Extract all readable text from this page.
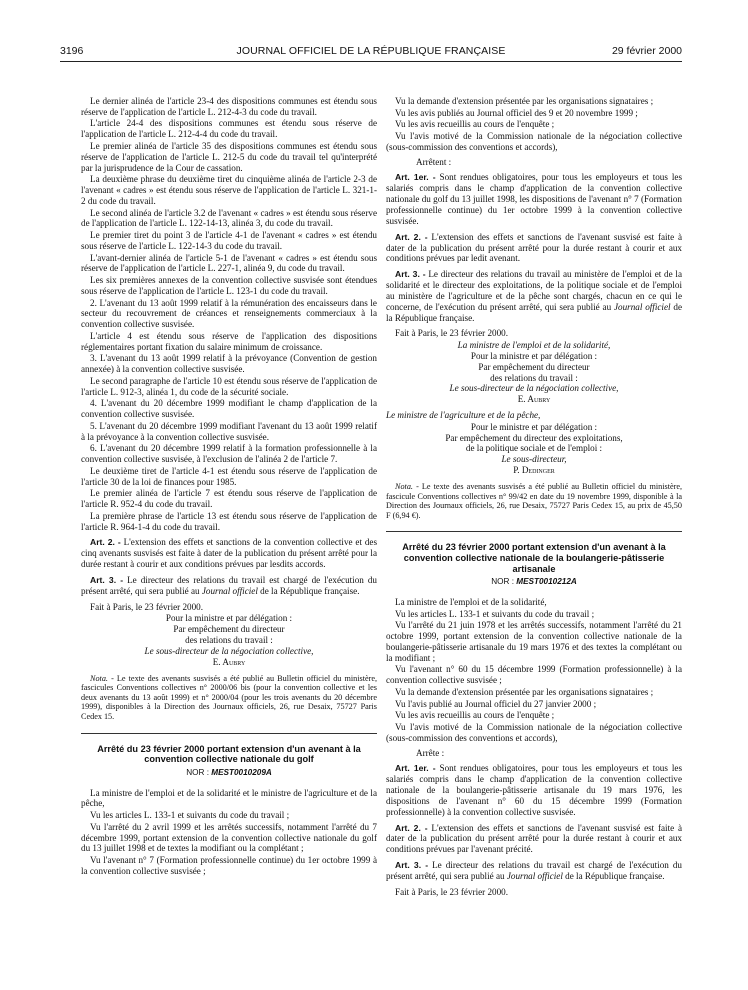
3196	JOURNAL OFFICIEL DE LA RÉPUBLIQUE FRANÇAISE	29 février 2000

Le dernier alinéa de l'article 23-4 des dispositions communes est étendu sous réserve de l'application de l'article L. 212-4-3 du code du travail.

L'article 24-4 des dispositions communes est étendu sous réserve de l'application de l'article L. 212-4-4 du code du travail.

Le premier alinéa de l'article 35 des dispositions communes est étendu sous réserve de l'application de l'article L. 212-5 du code du travail tel qu'interprété par la jurisprudence de la Cour de cassation.

La deuxième phrase du deuxième tiret du cinquième alinéa de l'article 2-3 de l'avenant « cadres » est étendu sous réserve de l'application de l'article L. 321-1-2 du code du travail.

Le second alinéa de l'article 3.2 de l'avenant « cadres » est étendu sous réserve de l'application de l'article L. 122-14-13, alinéa 3, du code du travail.

Le premier tiret du point 3 de l'article 4-1 de l'avenant « cadres » est étendu sous réserve de l'article L. 122-14-3 du code du travail.

L'avant-dernier alinéa de l'article 5-1 de l'avenant « cadres » est étendu sous réserve de l'application de l'article L. 227-1, alinéa 9, du code du travail.

Les six premières annexes de la convention collective susvisée sont étendues sous réserve de l'application de l'article L. 123-1 du code du travail.

2. L'avenant du 13 août 1999 relatif à la rémunération des encaisseurs dans le secteur du recouvrement de créances et renseignements commerciaux à la convention collective susvisée.

L'article 4 est étendu sous réserve de l'application des dispositions réglementaires portant fixation du salaire minimum de croissance.

3. L'avenant du 13 août 1999 relatif à la prévoyance (Convention de gestion annexée) à la convention collective susvisée.

Le second paragraphe de l'article 10 est étendu sous réserve de l'application de l'article L. 912-3, alinéa 1, du code de la sécurité sociale.

4. L'avenant du 20 décembre 1999 modifiant le champ d'application de la convention collective susvisée.

5. L'avenant du 20 décembre 1999 modifiant l'avenant du 13 août 1999 relatif à la prévoyance à la convention collective susvisée.

6. L'avenant du 20 décembre 1999 relatif à la formation professionnelle à la convention collective susvisée, à l'exclusion de l'alinéa 2 de l'article 7.

Le deuxième tiret de l'article 4-1 est étendu sous réserve de l'application de l'article 30 de la loi de finances pour 1985.

Le premier alinéa de l'article 7 est étendu sous réserve de l'application de l'article R. 952-4 du code du travail.

La première phrase de l'article 13 est étendu sous réserve de l'application de l'article R. 964-1-4 du code du travail.

Art. 2. - L'extension des effets et sanctions de la convention collective et des cinq avenants susvisés est faite à dater de la publication du présent arrêté pour la durée restant à courir et aux conditions prévues par lesdits accords.

Art. 3. - Le directeur des relations du travail est chargé de l'exécution du présent arrêté, qui sera publié au Journal officiel de la République française.

Fait à Paris, le 23 février 2000.

Pour la ministre et par délégation :

Par empêchement du directeur

des relations du travail :

Le sous-directeur de la négociation collective,

E. Aubry

Nota. - Le texte des avenants susvisés a été publié au Bulletin officiel du ministère, fascicules Conventions collectives n° 2000/06 bis (pour la convention collective et les deux avenants du 13 août 1999) et n° 2000/04 (pour les trois avenants du 20 décembre 1999), disponibles à la Direction des Journaux officiels, 26, rue Desaix, 75727 Paris Cedex 15.

Arrêté du 23 février 2000 portant extension d'un avenant à la convention collective nationale du golf

NOR : MEST0010209A

La ministre de l'emploi et de la solidarité et le ministre de l'agriculture et de la pêche,

Vu les articles L. 133-1 et suivants du code du travail ;

Vu l'arrêté du 2 avril 1999 et les arrêtés successifs, notamment l'arrêté du 7 décembre 1999, portant extension de la convention collective nationale du golf du 13 juillet 1998 et de textes la modifiant ou la complétant ;

Vu l'avenant n° 7 (Formation professionnelle continue) du 1er octobre 1999 à la convention collective susvisée ;

Vu la demande d'extension présentée par les organisations signataires ;

Vu les avis publiés au Journal officiel des 9 et 20 novembre 1999 ;

Vu les avis recueillis au cours de l'enquête ;

Vu l'avis motivé de la Commission nationale de la négociation collective (sous-commission des conventions et accords),

Arrêtent :

Art. 1er. - Sont rendues obligatoires, pour tous les employeurs et tous les salariés compris dans le champ d'application de la convention collective nationale du golf du 13 juillet 1998, les dispositions de l'avenant n° 7 (Formation professionnelle continue) du 1er octobre 1999 à la convention collective susvisée.

Art. 2. - L'extension des effets et sanctions de l'avenant susvisé est faite à dater de la publication du présent arrêté pour la durée restant à courir et aux conditions prévues par ledit avenant.

Art. 3. - Le directeur des relations du travail au ministère de l'emploi et de la solidarité et le directeur des exploitations, de la politique sociale et de l'emploi au ministère de l'agriculture et de la pêche sont chargés, chacun en ce qui le concerne, de l'exécution du présent arrêté, qui sera publié au Journal officiel de la République française.

Fait à Paris, le 23 février 2000.

La ministre de l'emploi et de la solidarité,

Pour la ministre et par délégation :

Par empêchement du directeur

des relations du travail :

Le sous-directeur de la négociation collective,

E. Aubry

Le ministre de l'agriculture et de la pêche,

Pour le ministre et par délégation :

Par empêchement du directeur des exploitations,

de la politique sociale et de l'emploi :

Le sous-directeur,

P. Dedinger

Nota. - Le texte des avenants susvisés a été publié au Bulletin officiel du ministère, fascicule Conventions collectives n° 99/42 en date du 19 novembre 1999, disponible à la Direction des Journaux officiels, 26, rue Desaix, 75727 Paris Cedex 15, au prix de 45,50 F (6,94 €).

Arrêté du 23 février 2000 portant extension d'un avenant à la convention collective nationale de la boulangerie-pâtisserie artisanale

NOR : MEST0010212A

La ministre de l'emploi et de la solidarité,

Vu les articles L. 133-1 et suivants du code du travail ;

Vu l'arrêté du 21 juin 1978 et les arrêtés successifs, notamment l'arrêté du 21 octobre 1999, portant extension de la convention collective nationale de la boulangerie-pâtisserie artisanale du 19 mars 1976 et des textes la complétant ou la modifiant ;

Vu l'avenant n° 60 du 15 décembre 1999 (Formation professionnelle) à la convention collective susvisée ;

Vu la demande d'extension présentée par les organisations signataires ;

Vu l'avis publié au Journal officiel du 27 janvier 2000 ;

Vu les avis recueillis au cours de l'enquête ;

Vu l'avis motivé de la Commission nationale de la négociation collective (sous-commission des conventions et accords),

Arrête :

Art. 1er. - Sont rendues obligatoires, pour tous les employeurs et tous les salariés compris dans le champ d'application de la convention collective nationale de la boulangerie-pâtisserie artisanale du 19 mars 1976, les dispositions de l'avenant n° 60 du 15 décembre 1999 (Formation professionnelle) à la convention collective susvisée.

Art. 2. - L'extension des effets et sanctions de l'avenant susvisé est faite à dater de la publication du présent arrêté pour la durée restant à courir et aux conditions prévues par l'avenant précité.

Art. 3. - Le directeur des relations du travail est chargé de l'exécution du présent arrêté, qui sera publié au Journal officiel de la République française.

Fait à Paris, le 23 février 2000.
